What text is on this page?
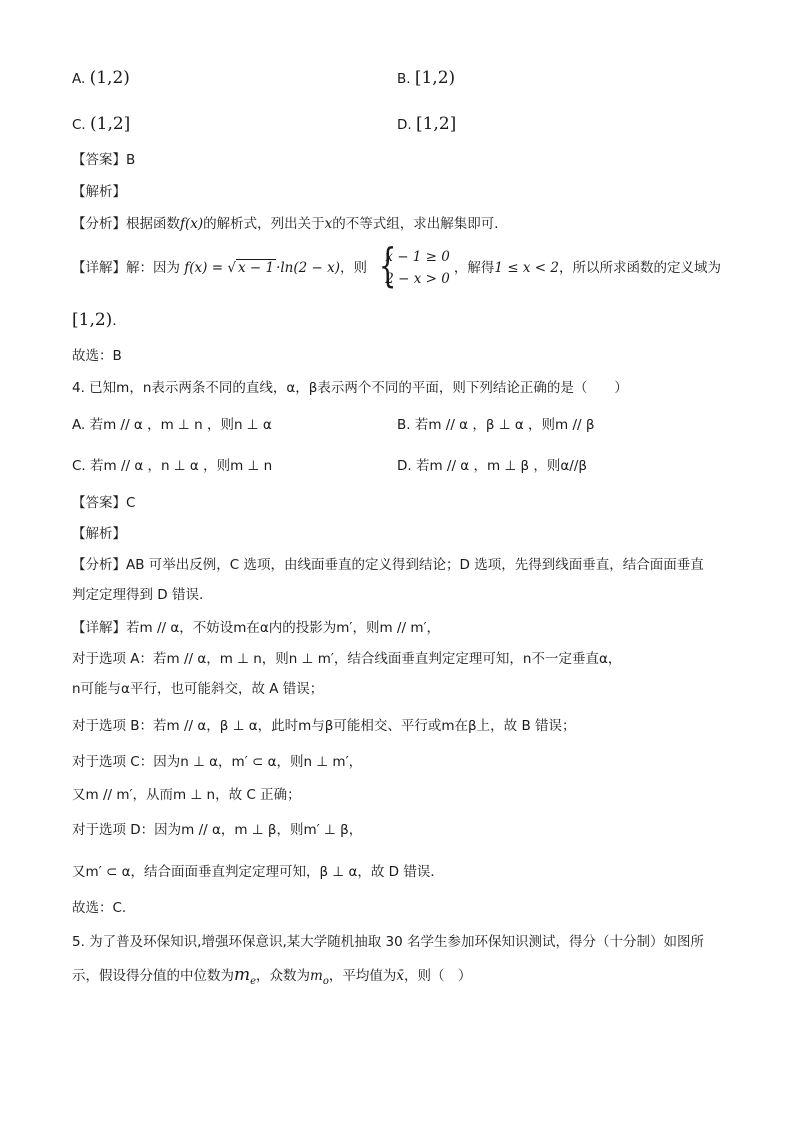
A. (1,2)	B. [1,2)
C. (1,2]	D. [1,2]
【答案】B
【解析】
【分析】根据函数f(x)的解析式，列出关于x的不等式组，求出解集即可．
【详解】解：因为 f(x) = √ x − 1 ·ln(2 − x)，则 {
x − 1 ≥ 0
2 − x > 0
，解得1 ≤ x < 2，所以所求函数的定义域为
[1,2)．
故选：B
4. 已知m，n表示两条不同的直线，α，β表示两个不同的平面，则下列结论正确的是（　　）
A. 若m // α ，m ⊥ n ，则n ⊥ α	B. 若m // α ，β ⊥ α ，则m // β
C. 若m // α ，n ⊥ α ，则m ⊥ n	D. 若m // α ，m ⊥ β ，则α//β
【答案】C
【解析】
【分析】AB 可举出反例，C 选项，由线面垂直的定义得到结论；D 选项，先得到线面垂直，结合面面垂直
判定定理得到 D 错误.
【详解】若m // α，不妨设m在α内的投影为m′，则m // m′，
对于选项 A：若m // α，m ⊥ n，则n ⊥ m′，结合线面垂直判定定理可知，n不一定垂直α，
n可能与α平行，也可能斜交，故 A 错误；
对于选项 B：若m // α，β ⊥ α，此时m与β可能相交、平行或m在β上，故 B 错误；
对于选项 C：因为n ⊥ α，m′ ⊂ α，则n ⊥ m′，
又m // m′，从而m ⊥ n，故 C 正确；
对于选项 D：因为m // α，m ⊥ β，则m′ ⊥ β，
又m′ ⊂ α，结合面面垂直判定定理可知，β ⊥ α，故 D 错误．
故选：C.
5. 为了普及环保知识,增强环保意识,某大学随机抽取 30 名学生参加环保知识测试，得分（十分制）如图所
示，假设得分值的中位数为$m_e$，众数为$m_o$，平均值为x̄，则（　）
